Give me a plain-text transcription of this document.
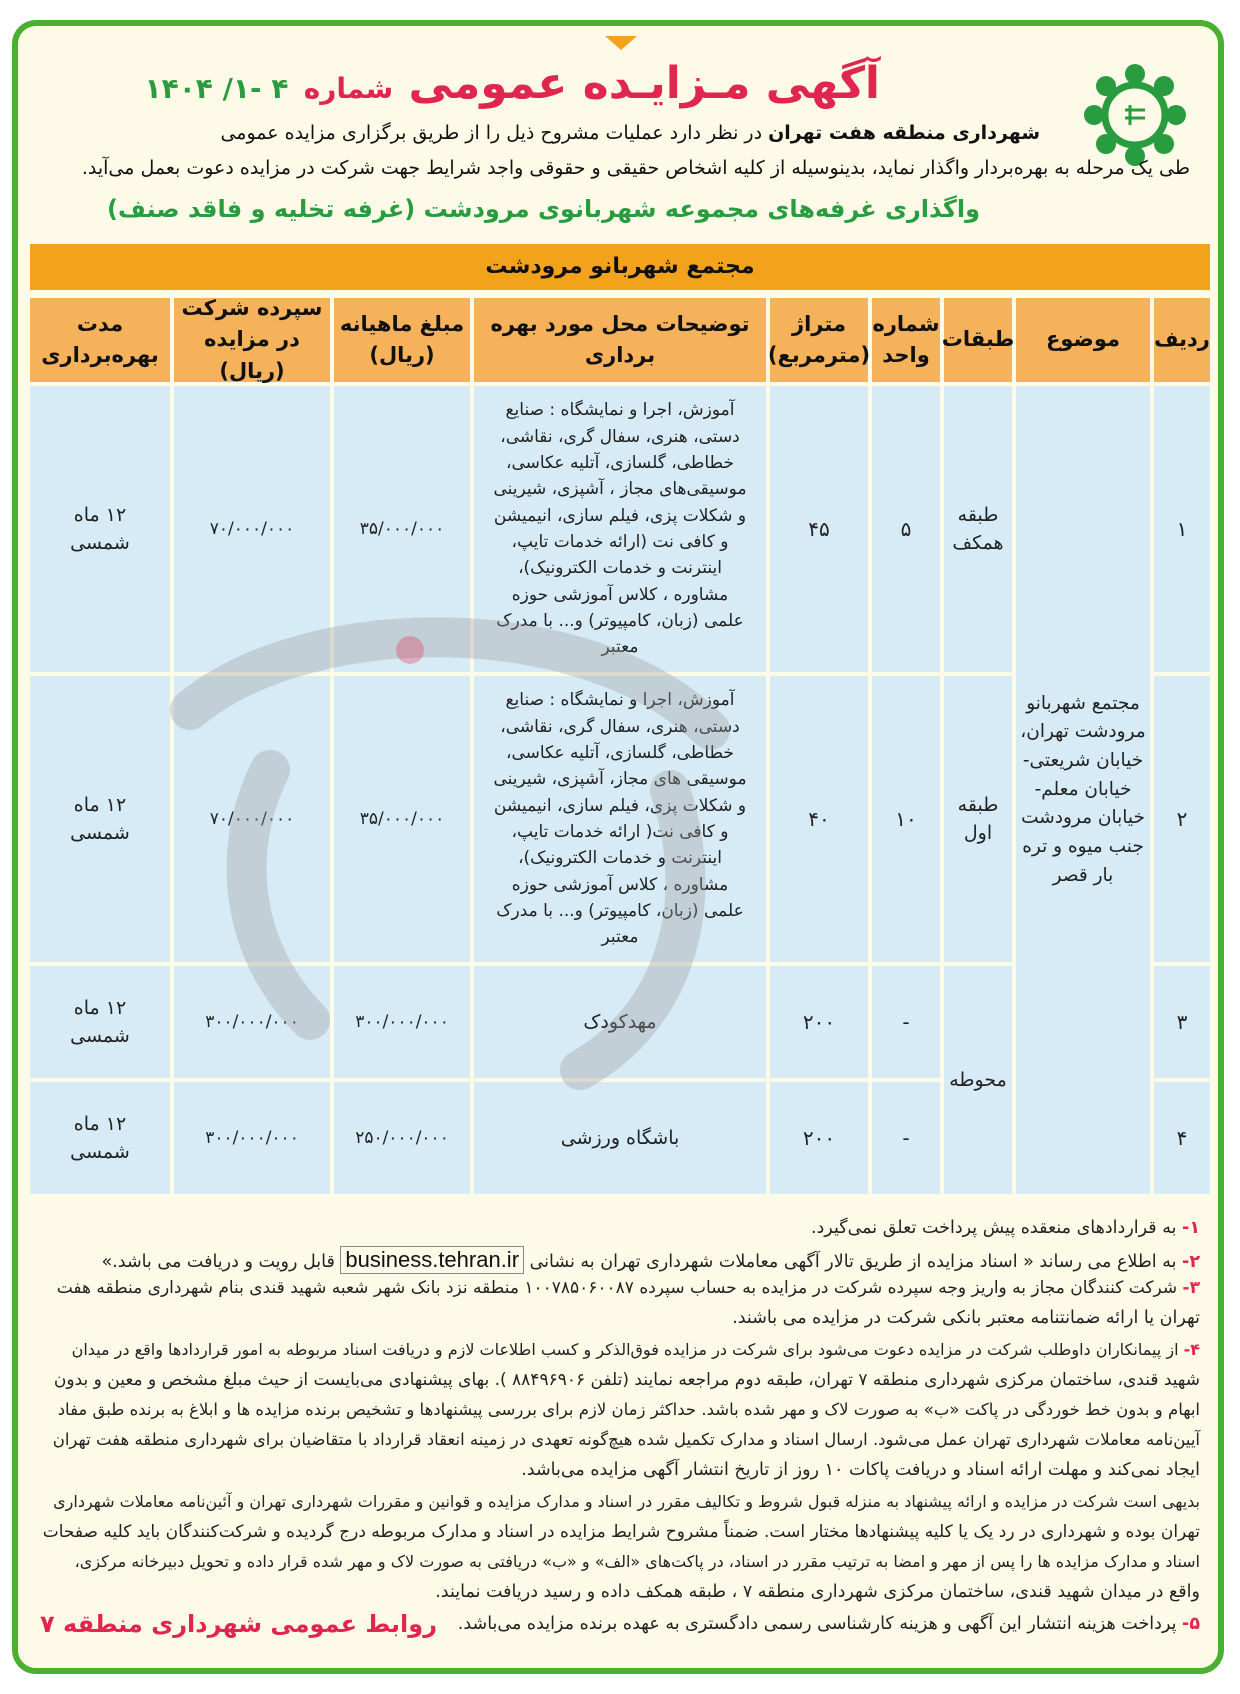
آگهی مـزایـده عمومی شماره ۴ -۱/ ۱۴۰۴
شهرداری منطقه هفت تهران در نظر دارد عملیات مشروح ذیل را از طریق برگزاری مزایده عمومی
طی یک مرحله به بهره‌بردار واگذار نماید، بدینوسیله از کلیه اشخاص حقیقی و حقوقی واجد شرایط جهت شرکت در مزایده دعوت بعمل می‌آید.
واگذاری غرفه‌های مجموعه شهربانوی مرودشت (غرفه تخلیه و فاقد صنف)
مجتمع شهربانو مرودشت
ردیف
موضوع
طبقات
شماره واحد
متراژ (مترمربع)
توضیحات محل مورد بهره برداری
مبلغ ماهیانه (ریال)
سپرده شرکت در مزایده (ریال)
مدت بهره‌برداری
مجتمع شهربانو مرودشت تهران، خیابان شریعتی- خیابان معلم- خیابان مرودشت جنب میوه و تره بار قصر
۱
طبقه همکف
۵
۴۵
آموزش، اجرا و نمایشگاه : صنایع دستی، هنری، سفال گری، نقاشی، خطاطی، گلسازی، آتلیه عکاسی، موسیقی‌های مجاز ، آشپزی، شیرینی و شکلات پزی، فیلم سازی، انیمیشن و کافی نت (ارائه خدمات تایپ، اینترنت و خدمات الکترونیک)، مشاوره ، کلاس آموزشی حوزه علمی (زبان، کامپیوتر) و... با مدرک معتبر
۳۵/۰۰۰/۰۰۰
۷۰/۰۰۰/۰۰۰
۱۲ ماه شمسی
۲
طبقه اول
۱۰
۴۰
آموزش، اجرا و نمایشگاه : صنایع دستی، هنری، سفال گری، نقاشی، خطاطی، گلسازی، آتلیه عکاسی، موسیقی های مجاز، آشپزی، شیرینی و شکلات پزی، فیلم سازی، انیمیشن و کافی نت( ارائه خدمات تایپ، اینترنت و خدمات الکترونیک)، مشاوره ، کلاس آموزشی حوزه علمی (زبان، کامپیوتر) و... با مدرک معتبر
۳۵/۰۰۰/۰۰۰
۷۰/۰۰۰/۰۰۰
۱۲ ماه شمسی
محوطه
۳
-
۲۰۰
مهدکودک
۳۰۰/۰۰۰/۰۰۰
۳۰۰/۰۰۰/۰۰۰
۱۲ ماه شمسی
۴
-
۲۰۰
باشگاه ورزشی
۲۵۰/۰۰۰/۰۰۰
۳۰۰/۰۰۰/۰۰۰
۱۲ ماه شمسی
۱- به قراردادهای منعقده پیش پرداخت تعلق نمی‌گیرد.
۲- به اطلاع می رساند « اسناد مزایده از طریق تالار آگهی معاملات شهرداری تهران به نشانی business.tehran.ir قابل رویت و دریافت می باشد.»
۳- شرکت کنندگان مجاز به واریز وجه سپرده شرکت در مزایده به حساب سپرده ۱۰۰۷۸۵۰۶۰۰۸۷ منطقه نزد بانک شهر شعبه شهید قندی بنام شهرداری منطقه هفت
تهران یا ارائه ضمانتنامه معتبر بانکی شرکت در مزایده می باشند.
۴- از پیمانکاران داوطلب شرکت در مزایده دعوت می‌شود برای شرکت در مزایده فوق‌الذکر و کسب اطلاعات لازم و دریافت اسناد مربوطه به امور قراردادها واقع در میدان
شهید قندی، ساختمان مرکزی شهرداری منطقه ۷ تهران، طبقه دوم مراجعه نمایند (تلفن ۸۸۴۹۶۹۰۶ ). بهای پیشنهادی می‌بایست از حیث مبلغ مشخص و معین و بدون
ابهام و بدون خط خوردگی در پاکت «ب» به صورت لاک و مهر شده باشد. حداکثر زمان لازم برای بررسی پیشنهادها و تشخیص برنده مزایده ها و ابلاغ به برنده طبق مفاد
آیین‌نامه معاملات شهرداری تهران عمل می‌شود. ارسال اسناد و مدارک تکمیل شده هیچ‌گونه تعهدی در زمینه انعقاد قرارداد با متقاضیان برای شهرداری منطقه هفت تهران
ایجاد نمی‌کند و مهلت ارائه اسناد و دریافت پاکات ۱۰ روز از تاریخ انتشار آگهی مزایده می‌باشد.
بدیهی است شرکت در مزایده و ارائه پیشنهاد به منزله قبول شروط و تکالیف مقرر در اسناد و مدارک مزایده و قوانین و مقررات شهرداری تهران و آئین‌نامه معاملات شهرداری
تهران بوده و شهرداری در رد یک یا کلیه پیشنهادها مختار است. ضمناً مشروح شرایط مزایده در اسناد و مدارک مربوطه درج گردیده و شرکت‌کنندگان باید کلیه صفحات
اسناد و مدارک مزایده ها را پس از مهر و امضا به ترتیب مقرر در اسناد، در پاکت‌های «الف» و «ب» دریافتی به صورت لاک و مهر شده قرار داده و تحویل دبیرخانه مرکزی،
واقع در میدان شهید قندی، ساختمان مرکزی شهرداری منطقه ۷ ، طبقه همکف داده و رسید دریافت نمایند.
۵- پرداخت هزینه انتشار این آگهی و هزینه کارشناسی رسمی دادگستری به عهده برنده مزایده می‌باشد.
روابط عمومی شهرداری منطقه ۷
